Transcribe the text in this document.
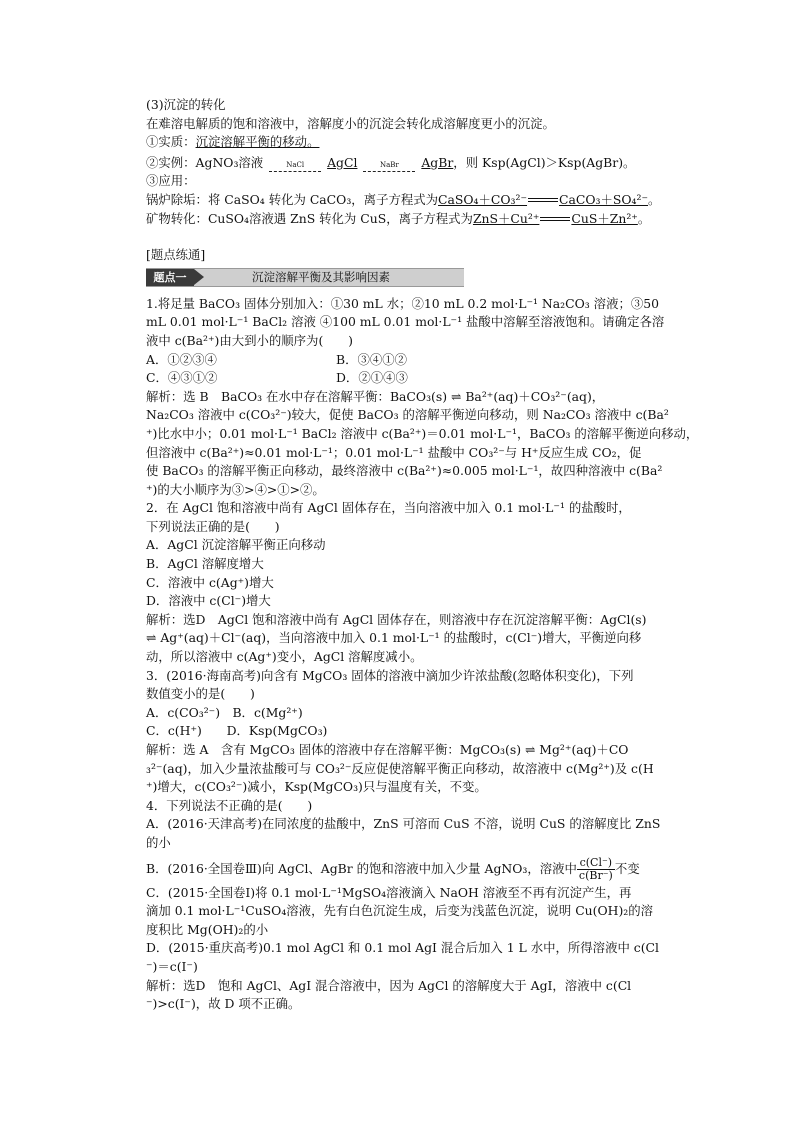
(3)沉淀的转化
在难溶电解质的饱和溶液中，溶解度小的沉淀会转化成溶解度更小的沉淀。
①实质：沉淀溶解平衡的移动。
②实例：AgNO₃溶液	NaCl	AgCl	NaBr	AgBr，则 Ksp(AgCl)＞Ksp(AgBr)。
③应用：
锅炉除垢：将 CaSO₄ 转化为 CaCO₃，离子方程式为CaSO₄＋CO₃²⁻	CaCO₃＋SO₄²⁻。
矿物转化：CuSO₄溶液遇 ZnS 转化为 CuS，离子方程式为ZnS＋Cu²⁺	CuS＋Zn²⁺。
[题点练通]
题点一	沉淀溶解平衡及其影响因素
1.将足量 BaCO₃ 固体分别加入：①30 mL 水；②10 mL 0.2 mol·L⁻¹ Na₂CO₃ 溶液；③50
mL 0.01 mol·L⁻¹ BaCl₂ 溶液 ④100 mL 0.01 mol·L⁻¹ 盐酸中溶解至溶液饱和。请确定各溶
液中 c(Ba²⁺)由大到小的顺序为(　　)
A．①②③④	B．③④①②
C．④③①②	D．②①④③
解析：选 B　BaCO₃ 在水中存在溶解平衡：BaCO₃(s) ⇌ Ba²⁺(aq)＋CO₃²⁻(aq)，
Na₂CO₃ 溶液中 c(CO₃²⁻)较大，促使 BaCO₃ 的溶解平衡逆向移动，则 Na₂CO₃ 溶液中 c(Ba²
⁺)比水中小；0.01 mol·L⁻¹ BaCl₂ 溶液中 c(Ba²⁺)＝0.01 mol·L⁻¹，BaCO₃ 的溶解平衡逆向移动，
但溶液中 c(Ba²⁺)≈0.01 mol·L⁻¹；0.01 mol·L⁻¹ 盐酸中 CO₃²⁻与 H⁺反应生成 CO₂，促
使 BaCO₃ 的溶解平衡正向移动，最终溶液中 c(Ba²⁺)≈0.005 mol·L⁻¹，故四种溶液中 c(Ba²
⁺)的大小顺序为③>④>①>②。
2．在 AgCl 饱和溶液中尚有 AgCl 固体存在，当向溶液中加入 0.1 mol·L⁻¹ 的盐酸时，
下列说法正确的是(　　)
A．AgCl 沉淀溶解平衡正向移动
B．AgCl 溶解度增大
C．溶液中 c(Ag⁺)增大
D．溶液中 c(Cl⁻)增大
解析：选D　AgCl 饱和溶液中尚有 AgCl 固体存在，则溶液中存在沉淀溶解平衡：AgCl(s)
⇌ Ag⁺(aq)＋Cl⁻(aq)，当向溶液中加入 0.1 mol·L⁻¹ 的盐酸时，c(Cl⁻)增大，平衡逆向移
动，所以溶液中 c(Ag⁺)变小，AgCl 溶解度减小。
3．(2016·海南高考)向含有 MgCO₃ 固体的溶液中滴加少许浓盐酸(忽略体积变化)，下列
数值变小的是(　　)
A．c(CO₃²⁻)　B．c(Mg²⁺)
C．c(H⁺)　　D．Ksp(MgCO₃)
解析：选 A　含有 MgCO₃ 固体的溶液中存在溶解平衡：MgCO₃(s) ⇌ Mg²⁺(aq)＋CO
₃²⁻(aq)，加入少量浓盐酸可与 CO₃²⁻反应促使溶解平衡正向移动，故溶液中 c(Mg²⁺)及 c(H
⁺)增大，c(CO₃²⁻)减小，Ksp(MgCO₃)只与温度有关，不变。
4．下列说法不正确的是(　　)
A．(2016·天津高考)在同浓度的盐酸中，ZnS 可溶而 CuS 不溶，说明 CuS 的溶解度比 ZnS
的小
B．(2016·全国卷Ⅲ)向 AgCl、AgBr 的饱和溶液中加入少量 AgNO₃，溶液中 $\frac{c(Cl^-)}{c(Br^-)}$ 不变
C．(2015·全国卷Ⅰ)将 0.1 mol·L⁻¹MgSO₄溶液滴入 NaOH 溶液至不再有沉淀产生，再
滴加 0.1 mol·L⁻¹CuSO₄溶液，先有白色沉淀生成，后变为浅蓝色沉淀，说明 Cu(OH)₂的溶
度积比 Mg(OH)₂的小
D．(2015·重庆高考)0.1 mol AgCl 和 0.1 mol AgI 混合后加入 1 L 水中，所得溶液中 c(Cl
⁻)＝c(I⁻)
解析：选D　饱和 AgCl、AgI 混合溶液中，因为 AgCl 的溶解度大于 AgI，溶液中 c(Cl
⁻)>c(I⁻)，故 D 项不正确。
